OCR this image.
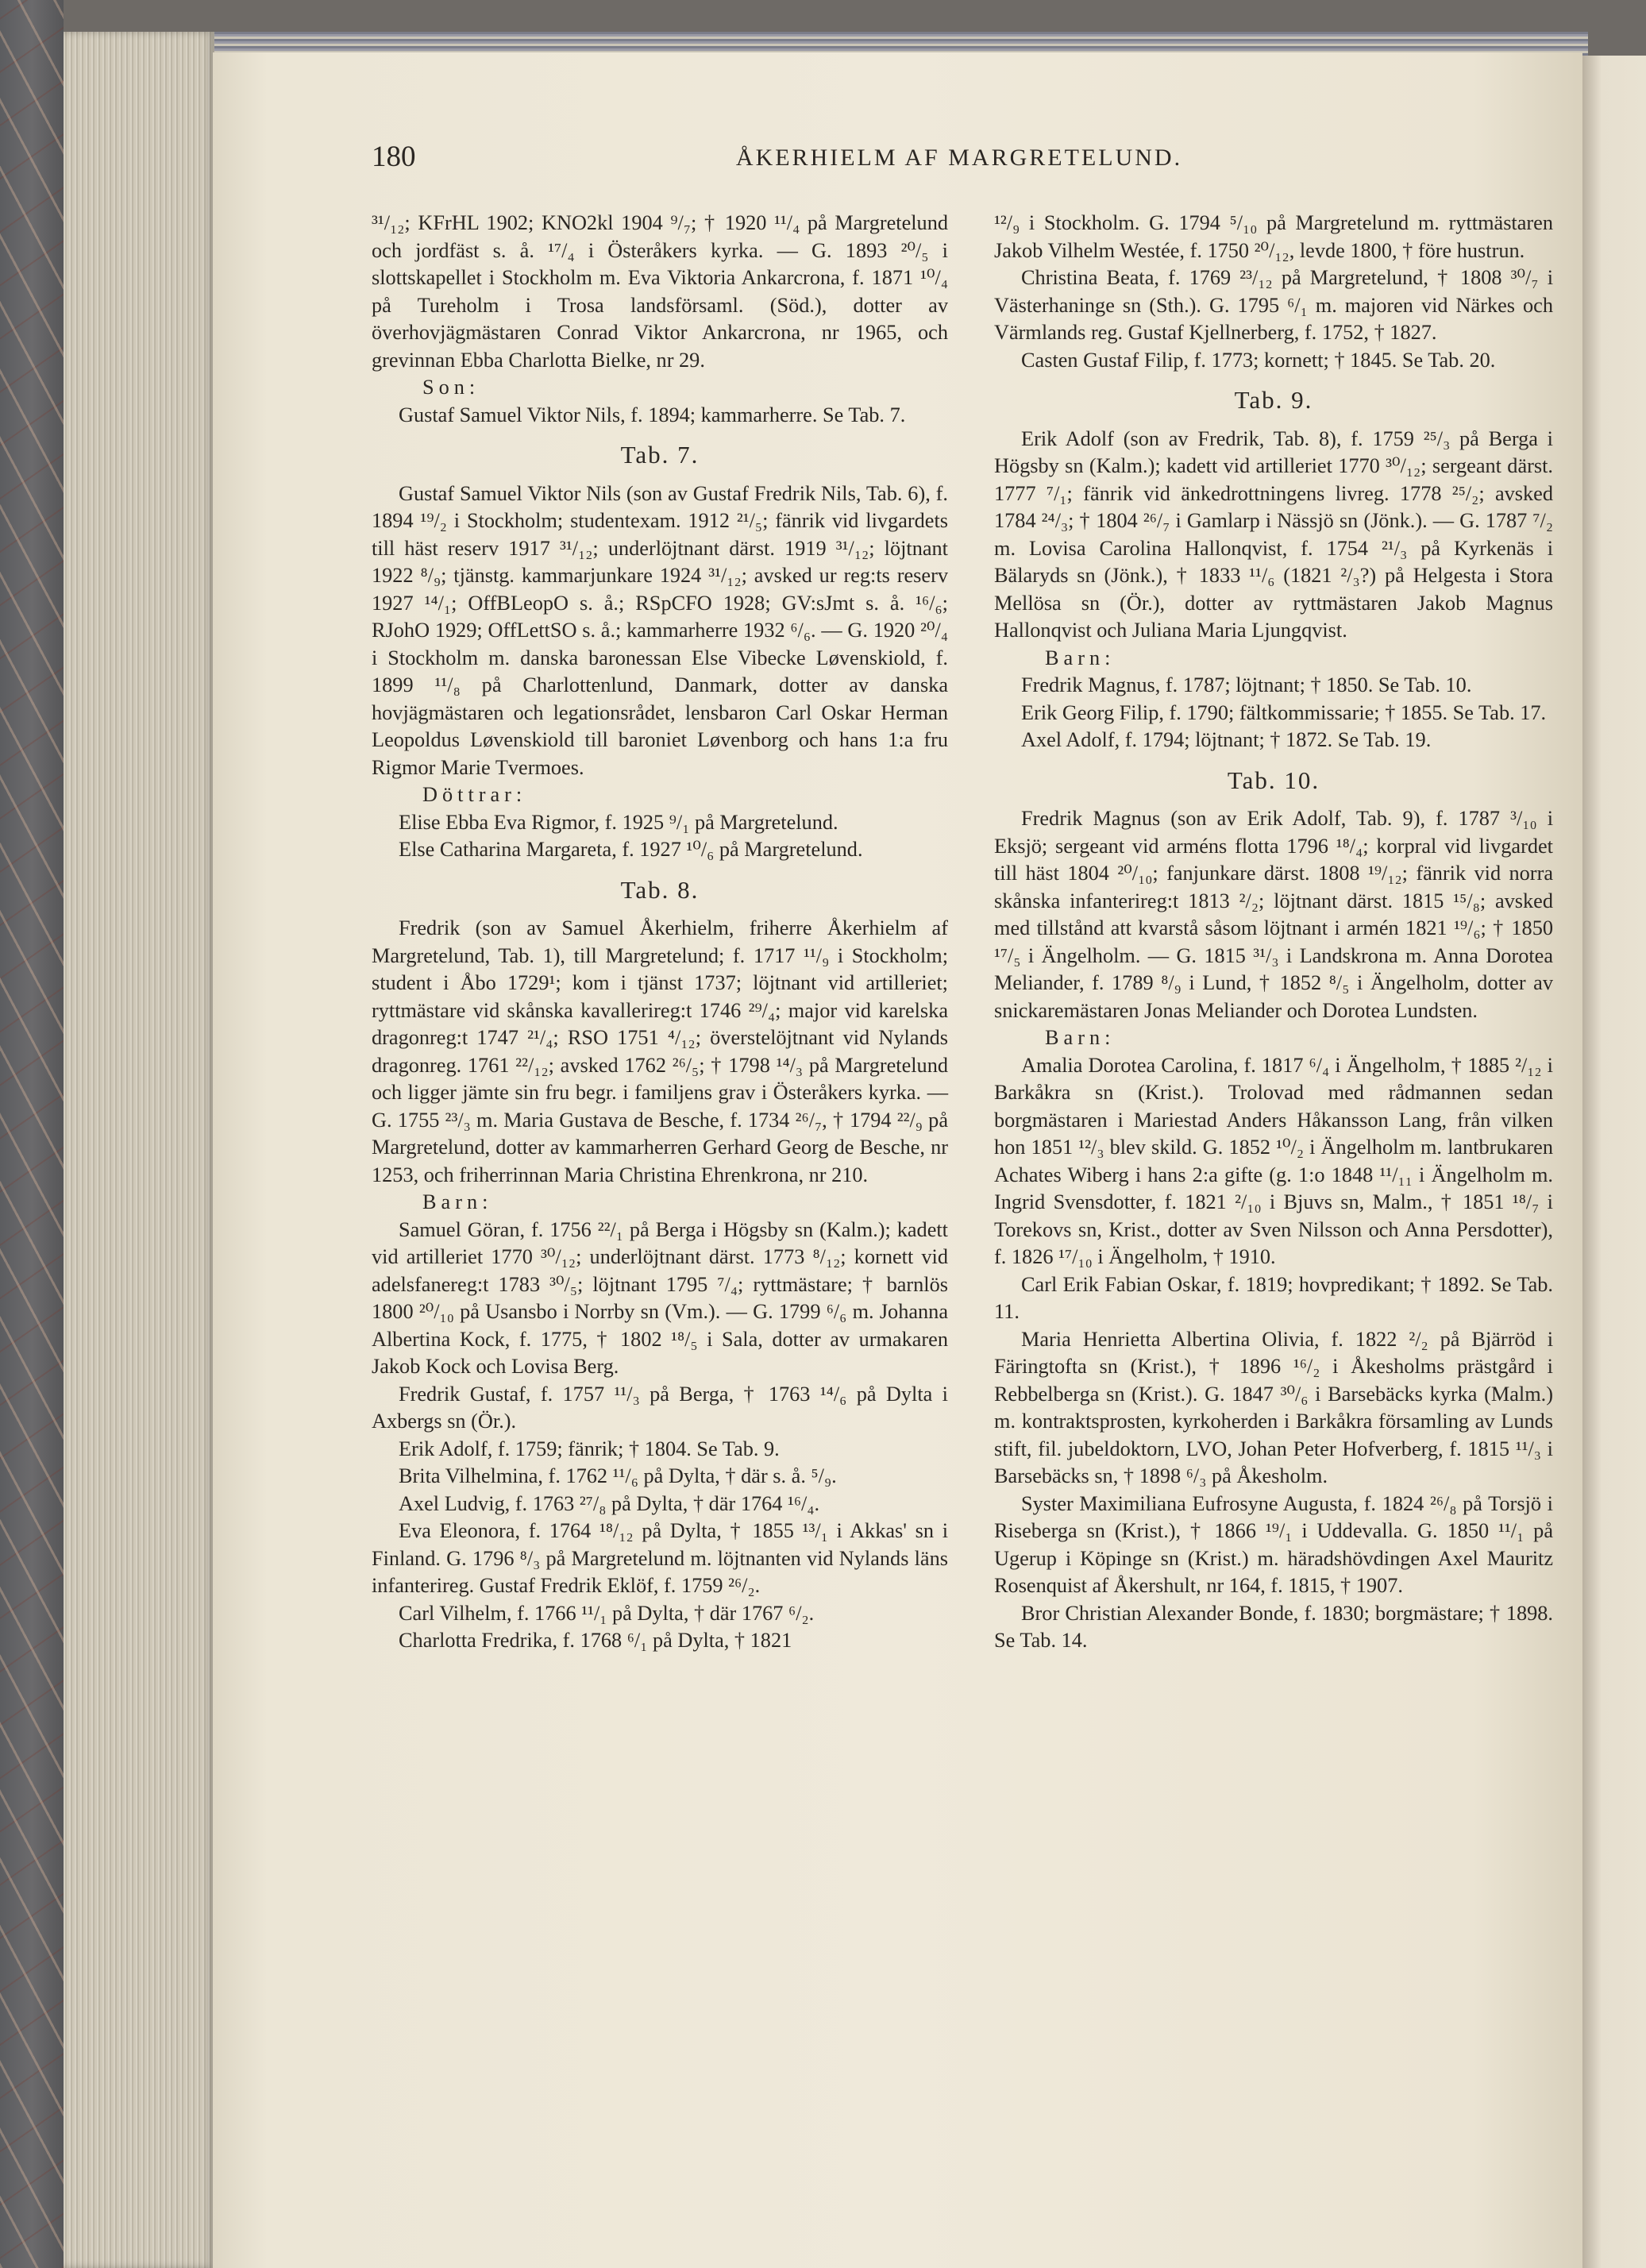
180	ÅKERHIELM AF MARGRETELUND.

³¹/₁₂; KFrHL 1902; KNO2kl 1904 ⁹/₇; † 1920 ¹¹/₄ på Margretelund och jordfäst s. å. ¹⁷/₄ i Österåkers kyrka. — G. 1893 ²⁰/₅ i slottskapellet i Stockholm m. Eva Viktoria Ankarcrona, f. 1871 ¹⁰/₄ på Tureholm i Trosa landsförsaml. (Söd.), dotter av överhovjägmästaren Conrad Viktor Ankarcrona, nr 1965, och grevinnan Ebba Charlotta Bielke, nr 29.

Son:

Gustaf Samuel Viktor Nils, f. 1894; kammarherre. Se Tab. 7.

Tab. 7.

Gustaf Samuel Viktor Nils (son av Gustaf Fredrik Nils, Tab. 6), f. 1894 ¹⁹/₂ i Stockholm; studentexam. 1912 ²¹/₅; fänrik vid livgardets till häst reserv 1917 ³¹/₁₂; underlöjtnant därst. 1919 ³¹/₁₂; löjtnant 1922 ⁸/₉; tjänstg. kammarjunkare 1924 ³¹/₁₂; avsked ur reg:ts reserv 1927 ¹⁴/₁; OffBLeopO s. å.; RSpCFO 1928; GV:sJmt s. å. ¹⁶/₆; RJohO 1929; OffLettSO s. å.; kammarherre 1932 ⁶/₆. — G. 1920 ²⁰/₄ i Stockholm m. danska baronessan Else Vibecke Løvenskiold, f. 1899 ¹¹/₈ på Charlottenlund, Danmark, dotter av danska hovjägmästaren och legationsrådet, lensbaron Carl Oskar Herman Leopoldus Løvenskiold till baroniet Løvenborg och hans 1:a fru Rigmor Marie Tvermoes.

Döttrar:

Elise Ebba Eva Rigmor, f. 1925 ⁹/₁ på Margretelund.

Else Catharina Margareta, f. 1927 ¹⁰/₆ på Margretelund.

Tab. 8.

Fredrik (son av Samuel Åkerhielm, friherre Åkerhielm af Margretelund, Tab. 1), till Margretelund; f. 1717 ¹¹/₉ i Stockholm; student i Åbo 1729¹; kom i tjänst 1737; löjtnant vid artilleriet; ryttmästare vid skånska kavallerireg:t 1746 ²⁹/₄; major vid karelska dragonreg:t 1747 ²¹/₄; RSO 1751 ⁴/₁₂; överstelöjtnant vid Nylands dragonreg. 1761 ²²/₁₂; avsked 1762 ²⁶/₅; † 1798 ¹⁴/₃ på Margretelund och ligger jämte sin fru begr. i familjens grav i Österåkers kyrka. — G. 1755 ²³/₃ m. Maria Gustava de Besche, f. 1734 ²⁶/₇, † 1794 ²²/₉ på Margretelund, dotter av kammarherren Gerhard Georg de Besche, nr 1253, och friherrinnan Maria Christina Ehrenkrona, nr 210.

Barn:

Samuel Göran, f. 1756 ²²/₁ på Berga i Högsby sn (Kalm.); kadett vid artilleriet 1770 ³⁰/₁₂; underlöjtnant därst. 1773 ⁸/₁₂; kornett vid adelsfanereg:t 1783 ³⁰/₅; löjtnant 1795 ⁷/₄; ryttmästare; † barnlös 1800 ²⁰/₁₀ på Usansbo i Norrby sn (Vm.). — G. 1799 ⁶/₆ m. Johanna Albertina Kock, f. 1775, † 1802 ¹⁸/₅ i Sala, dotter av urmakaren Jakob Kock och Lovisa Berg.

Fredrik Gustaf, f. 1757 ¹¹/₃ på Berga, † 1763 ¹⁴/₆ på Dylta i Axbergs sn (Ör.).

Erik Adolf, f. 1759; fänrik; † 1804. Se Tab. 9.

Brita Vilhelmina, f. 1762 ¹¹/₆ på Dylta, † där s. å. ⁵/₉.

Axel Ludvig, f. 1763 ²⁷/₈ på Dylta, † där 1764 ¹⁶/₄.

Eva Eleonora, f. 1764 ¹⁸/₁₂ på Dylta, † 1855 ¹³/₁ i Akkas' sn i Finland. G. 1796 ⁸/₃ på Margretelund m. löjtnanten vid Nylands läns infanterireg. Gustaf Fredrik Eklöf, f. 1759 ²⁶/₂.

Carl Vilhelm, f. 1766 ¹¹/₁ på Dylta, † där 1767 ⁶/₂.

Charlotta Fredrika, f. 1768 ⁶/₁ på Dylta, † 1821

¹²/₉ i Stockholm. G. 1794 ⁵/₁₀ på Margretelund m. ryttmästaren Jakob Vilhelm Westée, f. 1750 ²⁰/₁₂, levde 1800, † före hustrun.

Christina Beata, f. 1769 ²³/₁₂ på Margretelund, † 1808 ³⁰/₇ i Västerhaninge sn (Sth.). G. 1795 ⁶/₁ m. majoren vid Närkes och Värmlands reg. Gustaf Kjellnerberg, f. 1752, † 1827.

Casten Gustaf Filip, f. 1773; kornett; † 1845. Se Tab. 20.

Tab. 9.

Erik Adolf (son av Fredrik, Tab. 8), f. 1759 ²⁵/₃ på Berga i Högsby sn (Kalm.); kadett vid artilleriet 1770 ³⁰/₁₂; sergeant därst. 1777 ⁷/₁; fänrik vid änkedrottningens livreg. 1778 ²⁵/₂; avsked 1784 ²⁴/₃; † 1804 ²⁶/₇ i Gamlarp i Nässjö sn (Jönk.). — G. 1787 ⁷/₂ m. Lovisa Carolina Hallonqvist, f. 1754 ²¹/₃ på Kyrkenäs i Bälaryds sn (Jönk.), † 1833 ¹¹/₆ (1821 ²/₃?) på Helgesta i Stora Mellösa sn (Ör.), dotter av ryttmästaren Jakob Magnus Hallonqvist och Juliana Maria Ljungqvist.

Barn:

Fredrik Magnus, f. 1787; löjtnant; † 1850. Se Tab. 10.

Erik Georg Filip, f. 1790; fältkommissarie; † 1855. Se Tab. 17.

Axel Adolf, f. 1794; löjtnant; † 1872. Se Tab. 19.

Tab. 10.

Fredrik Magnus (son av Erik Adolf, Tab. 9), f. 1787 ³/₁₀ i Eksjö; sergeant vid arméns flotta 1796 ¹⁸/₄; korpral vid livgardet till häst 1804 ²⁰/₁₀; fanjunkare därst. 1808 ¹⁹/₁₂; fänrik vid norra skånska infanterireg:t 1813 ²/₂; löjtnant därst. 1815 ¹⁵/₈; avsked med tillstånd att kvarstå såsom löjtnant i armén 1821 ¹⁹/₆; † 1850 ¹⁷/₅ i Ängelholm. — G. 1815 ³¹/₃ i Landskrona m. Anna Dorotea Meliander, f. 1789 ⁸/₉ i Lund, † 1852 ⁸/₅ i Ängelholm, dotter av snickaremästaren Jonas Meliander och Dorotea Lundsten.

Barn:

Amalia Dorotea Carolina, f. 1817 ⁶/₄ i Ängelholm, † 1885 ²/₁₂ i Barkåkra sn (Krist.). Trolovad med rådmannen sedan borgmästaren i Mariestad Anders Håkansson Lang, från vilken hon 1851 ¹²/₃ blev skild. G. 1852 ¹⁰/₂ i Ängelholm m. lantbrukaren Achates Wiberg i hans 2:a gifte (g. 1:o 1848 ¹¹/₁₁ i Ängelholm m. Ingrid Svensdotter, f. 1821 ²/₁₀ i Bjuvs sn, Malm., † 1851 ¹⁸/₇ i Torekovs sn, Krist., dotter av Sven Nilsson och Anna Persdotter), f. 1826 ¹⁷/₁₀ i Ängelholm, † 1910.

Carl Erik Fabian Oskar, f. 1819; hovpredikant; † 1892. Se Tab. 11.

Maria Henrietta Albertina Olivia, f. 1822 ²/₂ på Bjärröd i Färingtofta sn (Krist.), † 1896 ¹⁶/₂ i Åkesholms prästgård i Rebbelberga sn (Krist.). G. 1847 ³⁰/₆ i Barsebäcks kyrka (Malm.) m. kontraktsprosten, kyrkoherden i Barkåkra församling av Lunds stift, fil. jubeldoktorn, LVO, Johan Peter Hofverberg, f. 1815 ¹¹/₃ i Barsebäcks sn, † 1898 ⁶/₃ på Åkesholm.

Syster Maximiliana Eufrosyne Augusta, f. 1824 ²⁶/₈ på Torsjö i Riseberga sn (Krist.), † 1866 ¹⁹/₁ i Uddevalla. G. 1850 ¹¹/₁ på Ugerup i Köpinge sn (Krist.) m. häradshövdingen Axel Mauritz Rosenquist af Åkershult, nr 164, f. 1815, † 1907.

Bror Christian Alexander Bonde, f. 1830; borgmästare; † 1898. Se Tab. 14.
